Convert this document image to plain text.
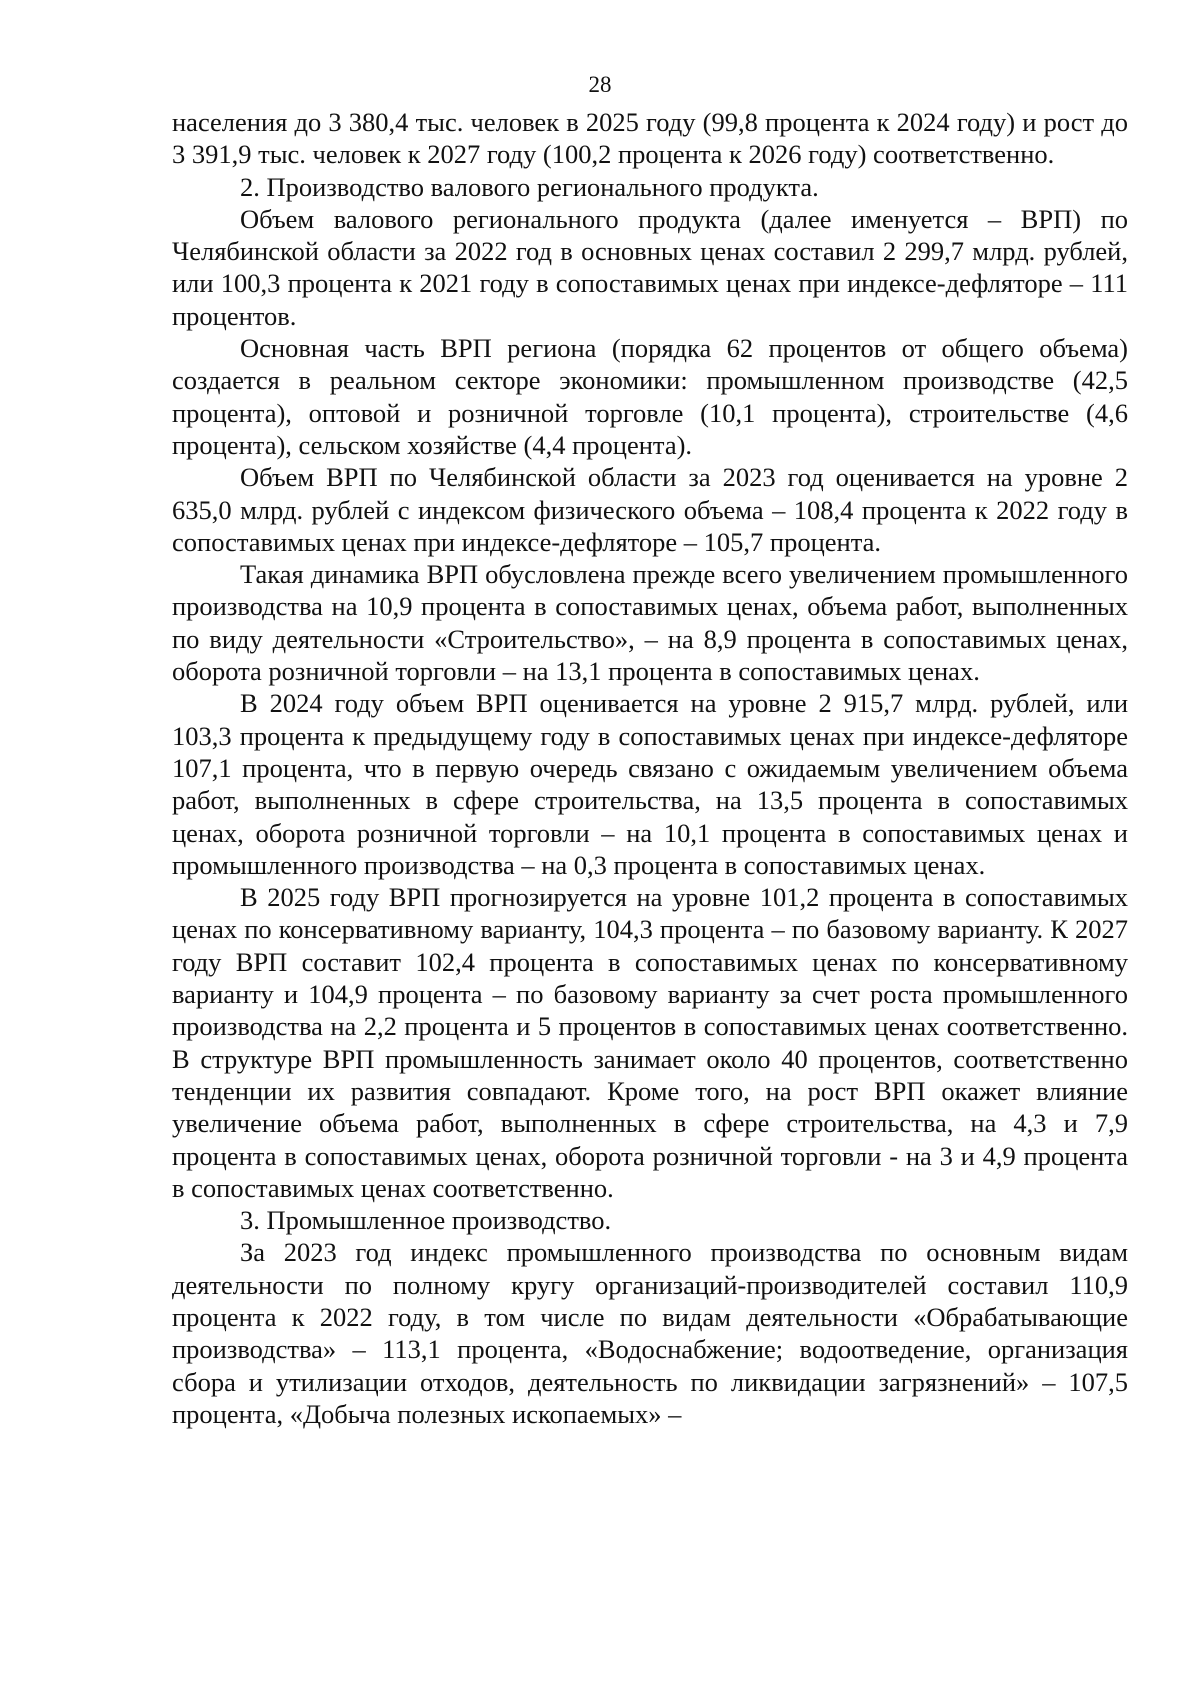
28

населения до 3 380,4 тыс. человек в 2025 году (99,8 процента к 2024 году) и рост до 3 391,9 тыс. человек к 2027 году (100,2 процента к 2026 году) соответственно.

2. Производство валового регионального продукта.

Объем валового регионального продукта (далее именуется – ВРП) по Челябинской области за 2022 год в основных ценах составил 2 299,7 млрд. рублей, или 100,3 процента к 2021 году в сопоставимых ценах при индексе-дефляторе – 111 процентов.

Основная часть ВРП региона (порядка 62 процентов от общего объема) создается в реальном секторе экономики: промышленном производстве (42,5 процента), оптовой и розничной торговле (10,1 процента), строительстве (4,6 процента), сельском хозяйстве (4,4 процента).

Объем ВРП по Челябинской области за 2023 год оценивается на уровне 2 635,0 млрд. рублей с индексом физического объема – 108,4 процента к 2022 году в сопоставимых ценах при индексе-дефляторе – 105,7 процента.

Такая динамика ВРП обусловлена прежде всего увеличением промышленного производства на 10,9 процента в сопоставимых ценах, объема работ, выполненных по виду деятельности «Строительство», – на 8,9 процента в сопоставимых ценах, оборота розничной торговли – на 13,1 процента в сопоставимых ценах.

В 2024 году объем ВРП оценивается на уровне 2 915,7 млрд. рублей, или 103,3 процента к предыдущему году в сопоставимых ценах при индексе-дефляторе 107,1 процента, что в первую очередь связано с ожидаемым увеличением объема работ, выполненных в сфере строительства, на 13,5 процента в сопоставимых ценах, оборота розничной торговли – на 10,1 процента в сопоставимых ценах и промышленного производства – на 0,3 процента в сопоставимых ценах.

В 2025 году ВРП прогнозируется на уровне 101,2 процента в сопоставимых ценах по консервативному варианту, 104,3 процента – по базовому варианту. К 2027 году ВРП составит 102,4 процента в сопоставимых ценах по консервативному варианту и 104,9 процента – по базовому варианту за счет роста промышленного производства на 2,2 процента и 5 процентов в сопоставимых ценах соответственно. В структуре ВРП промышленность занимает около 40 процентов, соответственно тенденции их развития совпадают. Кроме того, на рост ВРП окажет влияние увеличение объема работ, выполненных в сфере строительства, на 4,3 и 7,9 процента в сопоставимых ценах, оборота розничной торговли - на 3 и 4,9 процента в сопоставимых ценах соответственно.

3. Промышленное производство.

За 2023 год индекс промышленного производства по основным видам деятельности по полному кругу организаций-производителей составил 110,9 процента к 2022 году, в том числе по видам деятельности «Обрабатывающие производства» – 113,1 процента, «Водоснабжение; водоотведение, организация сбора и утилизации отходов, деятельность по ликвидации загрязнений» – 107,5 процента, «Добыча полезных ископаемых» –
